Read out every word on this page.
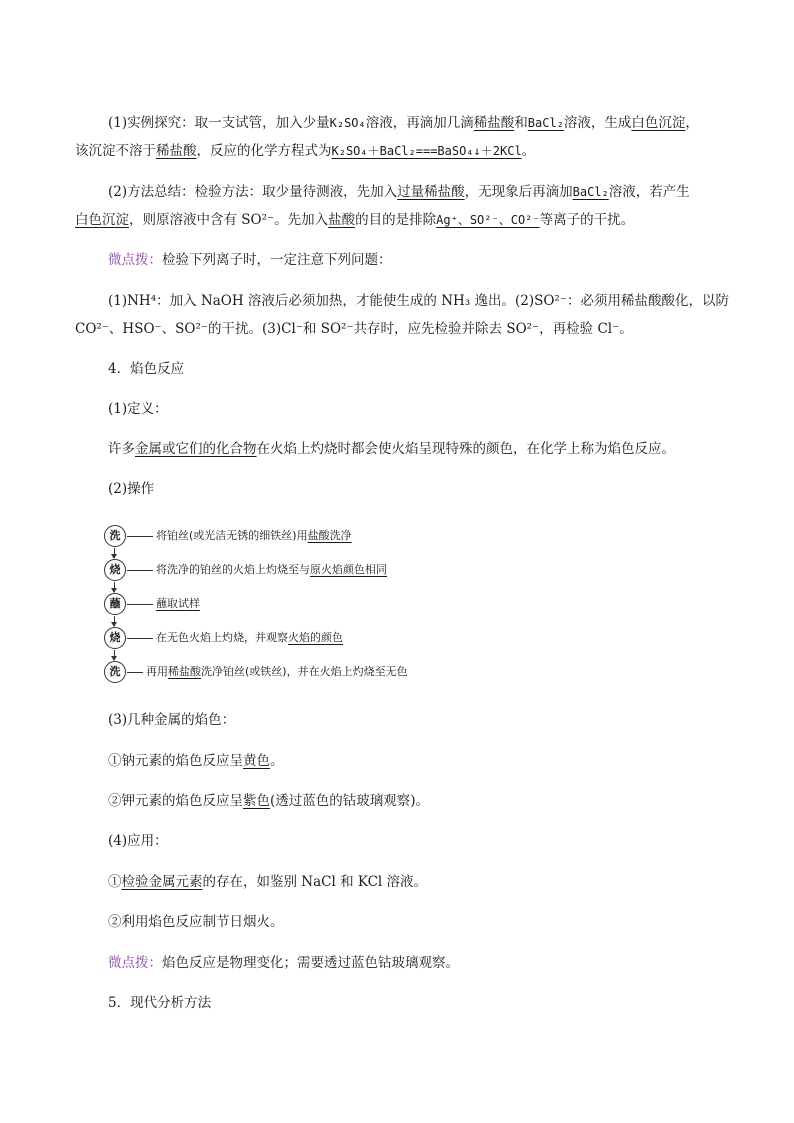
(1)实例探究：取一支试管，加入少量K₂SO₄溶液，再滴加几滴稀盐酸和BaCl₂溶液，生成白色沉淀，
该沉淀不溶于稀盐酸，反应的化学方程式为K₂SO₄＋BaCl₂===BaSO₄↓＋2KCl。
(2)方法总结：检验方法：取少量待测液，先加入过量稀盐酸，无现象后再滴加BaCl₂溶液，若产生
白色沉淀，则原溶液中含有 SO²⁻。先加入盐酸的目的是排除Ag⁺、SO²⁻、CO²⁻等离子的干扰。
微点拨：检验下列离子时，一定注意下列问题：
(1)NH⁴：加入 NaOH 溶液后必须加热，才能使生成的 NH₃ 逸出。(2)SO²⁻：必须用稀盐酸酸化，以防
CO²⁻、HSO⁻、SO²⁻的干扰。(3)Cl⁻和 SO²⁻共存时，应先检验并除去 SO²⁻，再检验 Cl⁻。
4．焰色反应
(1)定义：
许多金属或它们的化合物在火焰上灼烧时都会使火焰呈现特殊的颜色，在化学上称为焰色反应。
(2)操作
洗	将铂丝(或光洁无锈的细铁丝)用盐酸洗净
烧	将洗净的铂丝的火焰上灼烧至与原火焰颜色相同
蘸	蘸取试样
烧	在无色火焰上灼烧，并观察火焰的颜色
洗	再用稀盐酸洗净铂丝(或铁丝)，并在火焰上灼烧至无色
(3)几种金属的焰色：
①钠元素的焰色反应呈黄色。
②钾元素的焰色反应呈紫色(透过蓝色的钴玻璃观察)。
(4)应用：
①检验金属元素的存在，如鉴别 NaCl 和 KCl 溶液。
②利用焰色反应制节日烟火。
微点拨：焰色反应是物理变化；需要透过蓝色钴玻璃观察。
5．现代分析方法
